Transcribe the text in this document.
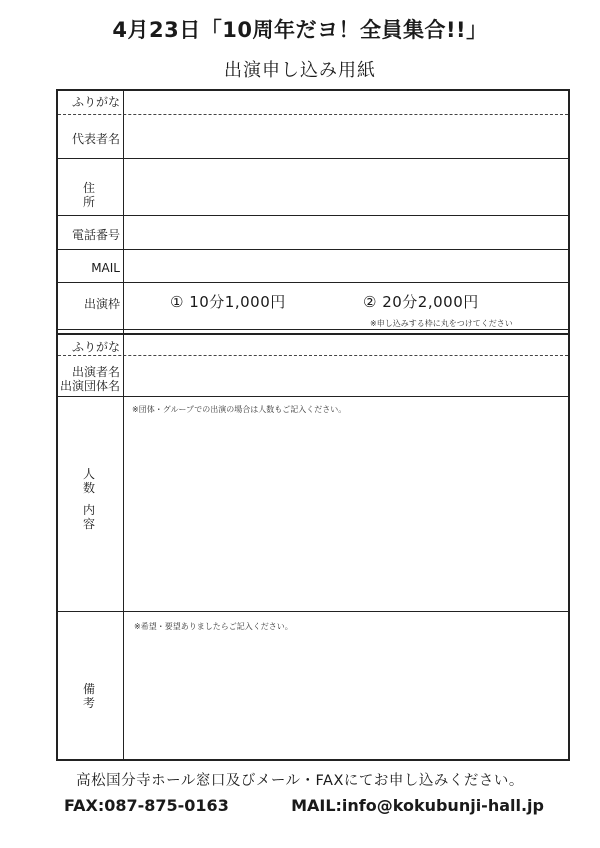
4月23日「10周年だヨ！全員集合!!」
出演申し込み用紙
ふりがな
代表者名
住　所
電話番号
MAIL
出演枠	① 10分1,000円	② 20分2,000円
※申し込みする枠に丸をつけてください
ふりがな
出演者名
出演団体名
※団体・グループでの出演の場合は人数もご記入ください。
人　数
内　容
※希望・要望ありましたらご記入ください。
備　考
高松国分寺ホール窓口及びメール・FAXにてお申し込みください。
FAX:087-875-0163	MAIL:info@kokubunji-hall.jp
